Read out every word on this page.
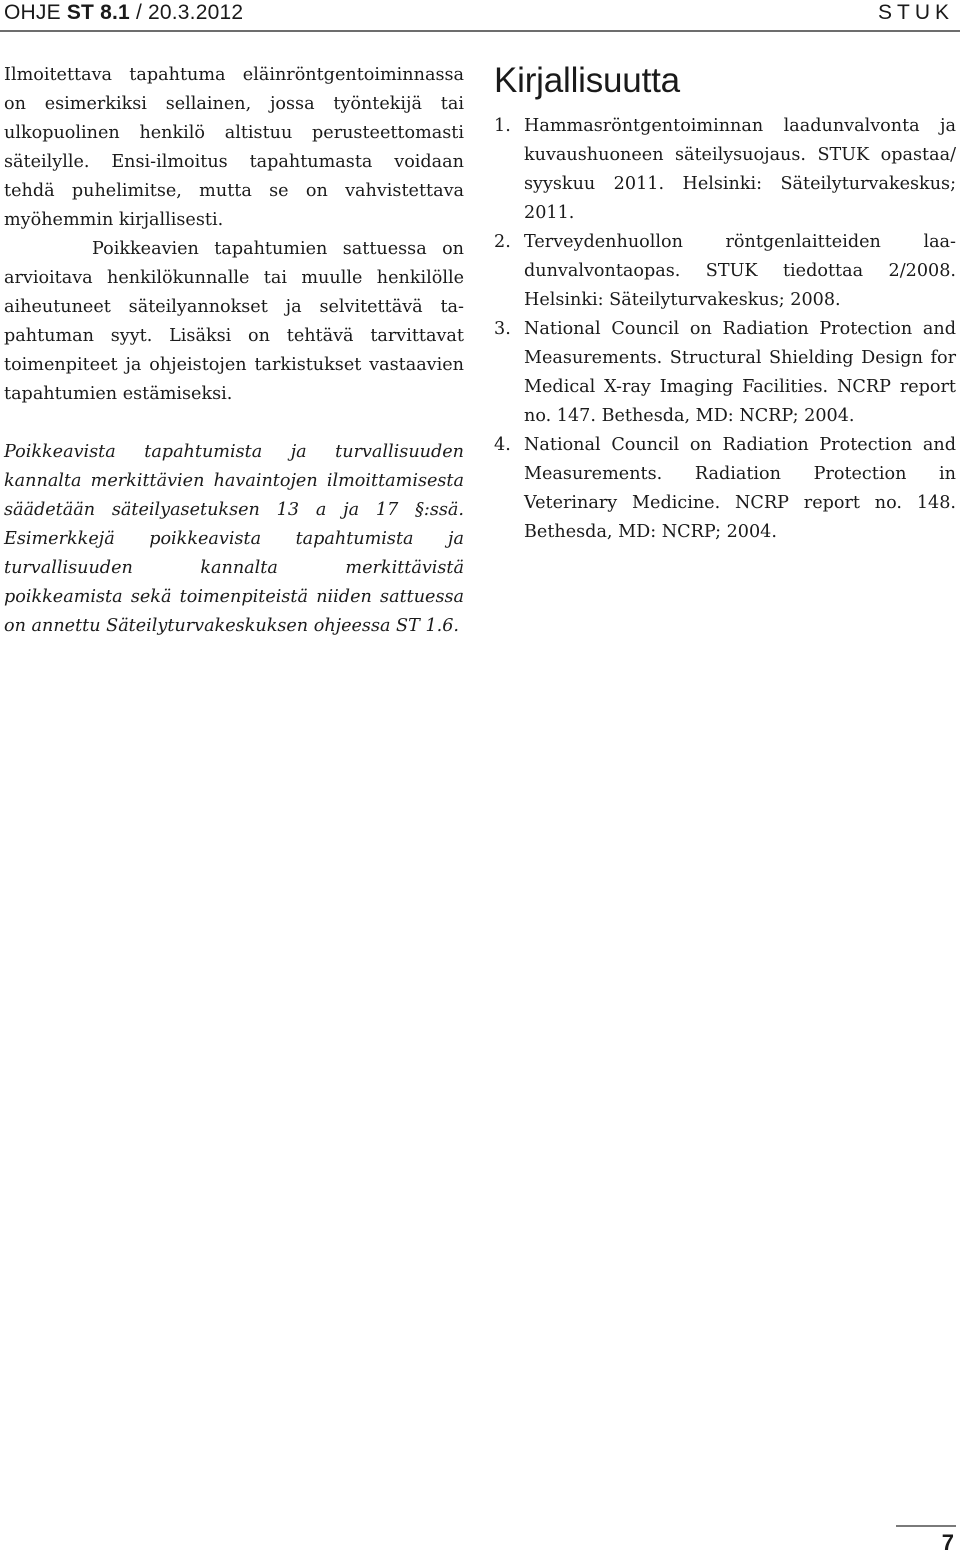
OHJE ST 8.1 / 20.3.2012	STUK

Ilmoitettava tapahtuma eläinröntgentoiminnassa on esimerkiksi sellainen, jossa työntekijä tai ulkopuolinen henkilö altistuu perusteettomasti säteilylle. Ensi-ilmoitus tapahtumasta voidaan tehdä puhelimitse, mutta se on vahvistettava myöhemmin kirjallisesti.

Poikkeavien tapahtumien sattuessa on arvioitava henkilökunnalle tai muulle henkilölle aiheutuneet säteilyannokset ja selvitettävä tapahtuman syyt. Lisäksi on tehtävä tarvittavat toimenpiteet ja ohjeistojen tarkistukset vastaavien tapahtumien estämiseksi.

Poikkeavista tapahtumista ja turvallisuuden kannalta merkittävien havaintojen ilmoittamisesta säädetään säteilyasetuksen 13 a ja 17 §:ssä. Esimerkkejä poikkeavista tapahtumista ja turvallisuuden kannalta merkittävistä poikkeamista sekä toimenpiteistä niiden sattuessa on annettu Säteilyturvakeskuksen ohjeessa ST 1.6.

Kirjallisuutta
1. Hammasröntgentoiminnan laadunvalvonta ja kuvaushuoneen säteilysuojaus. STUK opastaa/ syyskuu 2011. Helsinki: Säteilyturvakeskus; 2011.
2. Terveydenhuollon röntgenlaitteiden laadunvalvontaopas. STUK tiedottaa 2/2008. Helsinki: Säteilyturvakeskus; 2008.
3. National Council on Radiation Protection and Measurements. Structural Shielding Design for Medical X-ray Imaging Facilities. NCRP report no. 147. Bethesda, MD: NCRP; 2004.
4. National Council on Radiation Protection and Measurements. Radiation Protection in Veterinary Medicine. NCRP report no. 148. Bethesda, MD: NCRP; 2004.
7
